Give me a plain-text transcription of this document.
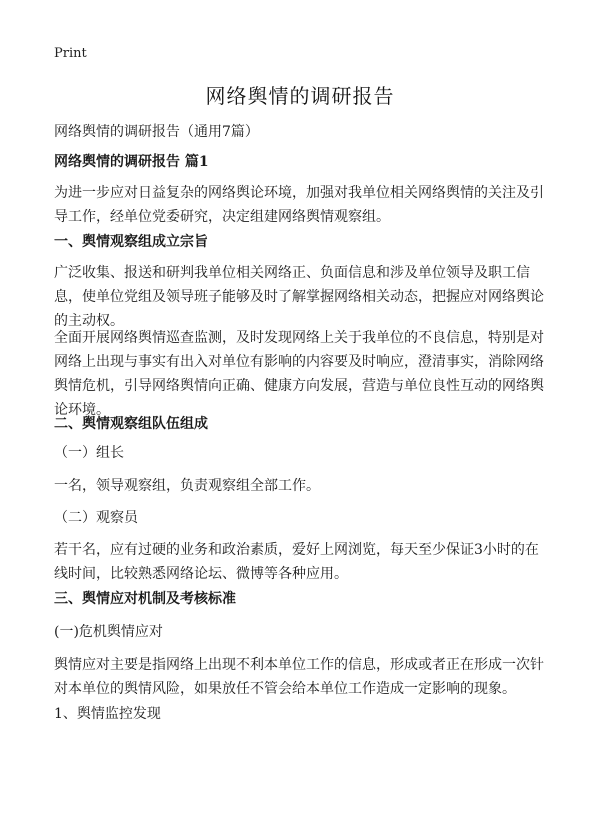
Print
网络舆情的调研报告

网络舆情的调研报告（通用7篇）

网络舆情的调研报告 篇1

为进一步应对日益复杂的网络舆论环境，加强对我单位相关网络舆情的关注及引导工作，经单位党委研究，决定组建网络舆情观察组。

一、舆情观察组成立宗旨

广泛收集、报送和研判我单位相关网络正、负面信息和涉及单位领导及职工信息，使单位党组及领导班子能够及时了解掌握网络相关动态，把握应对网络舆论的主动权。

全面开展网络舆情巡查监测，及时发现网络上关于我单位的不良信息，特别是对网络上出现与事实有出入对单位有影响的内容要及时响应，澄清事实，消除网络舆情危机，引导网络舆情向正确、健康方向发展，营造与单位良性互动的网络舆论环境。

二、舆情观察组队伍组成

（一）组长

一名，领导观察组，负责观察组全部工作。

（二）观察员

若干名，应有过硬的业务和政治素质，爱好上网浏览，每天至少保证3小时的在线时间，比较熟悉网络论坛、微博等各种应用。

三、舆情应对机制及考核标准

(一)危机舆情应对

舆情应对主要是指网络上出现不利本单位工作的信息，形成或者正在形成一次针对本单位的舆情风险，如果放任不管会给本单位工作造成一定影响的现象。

1、舆情监控发现
